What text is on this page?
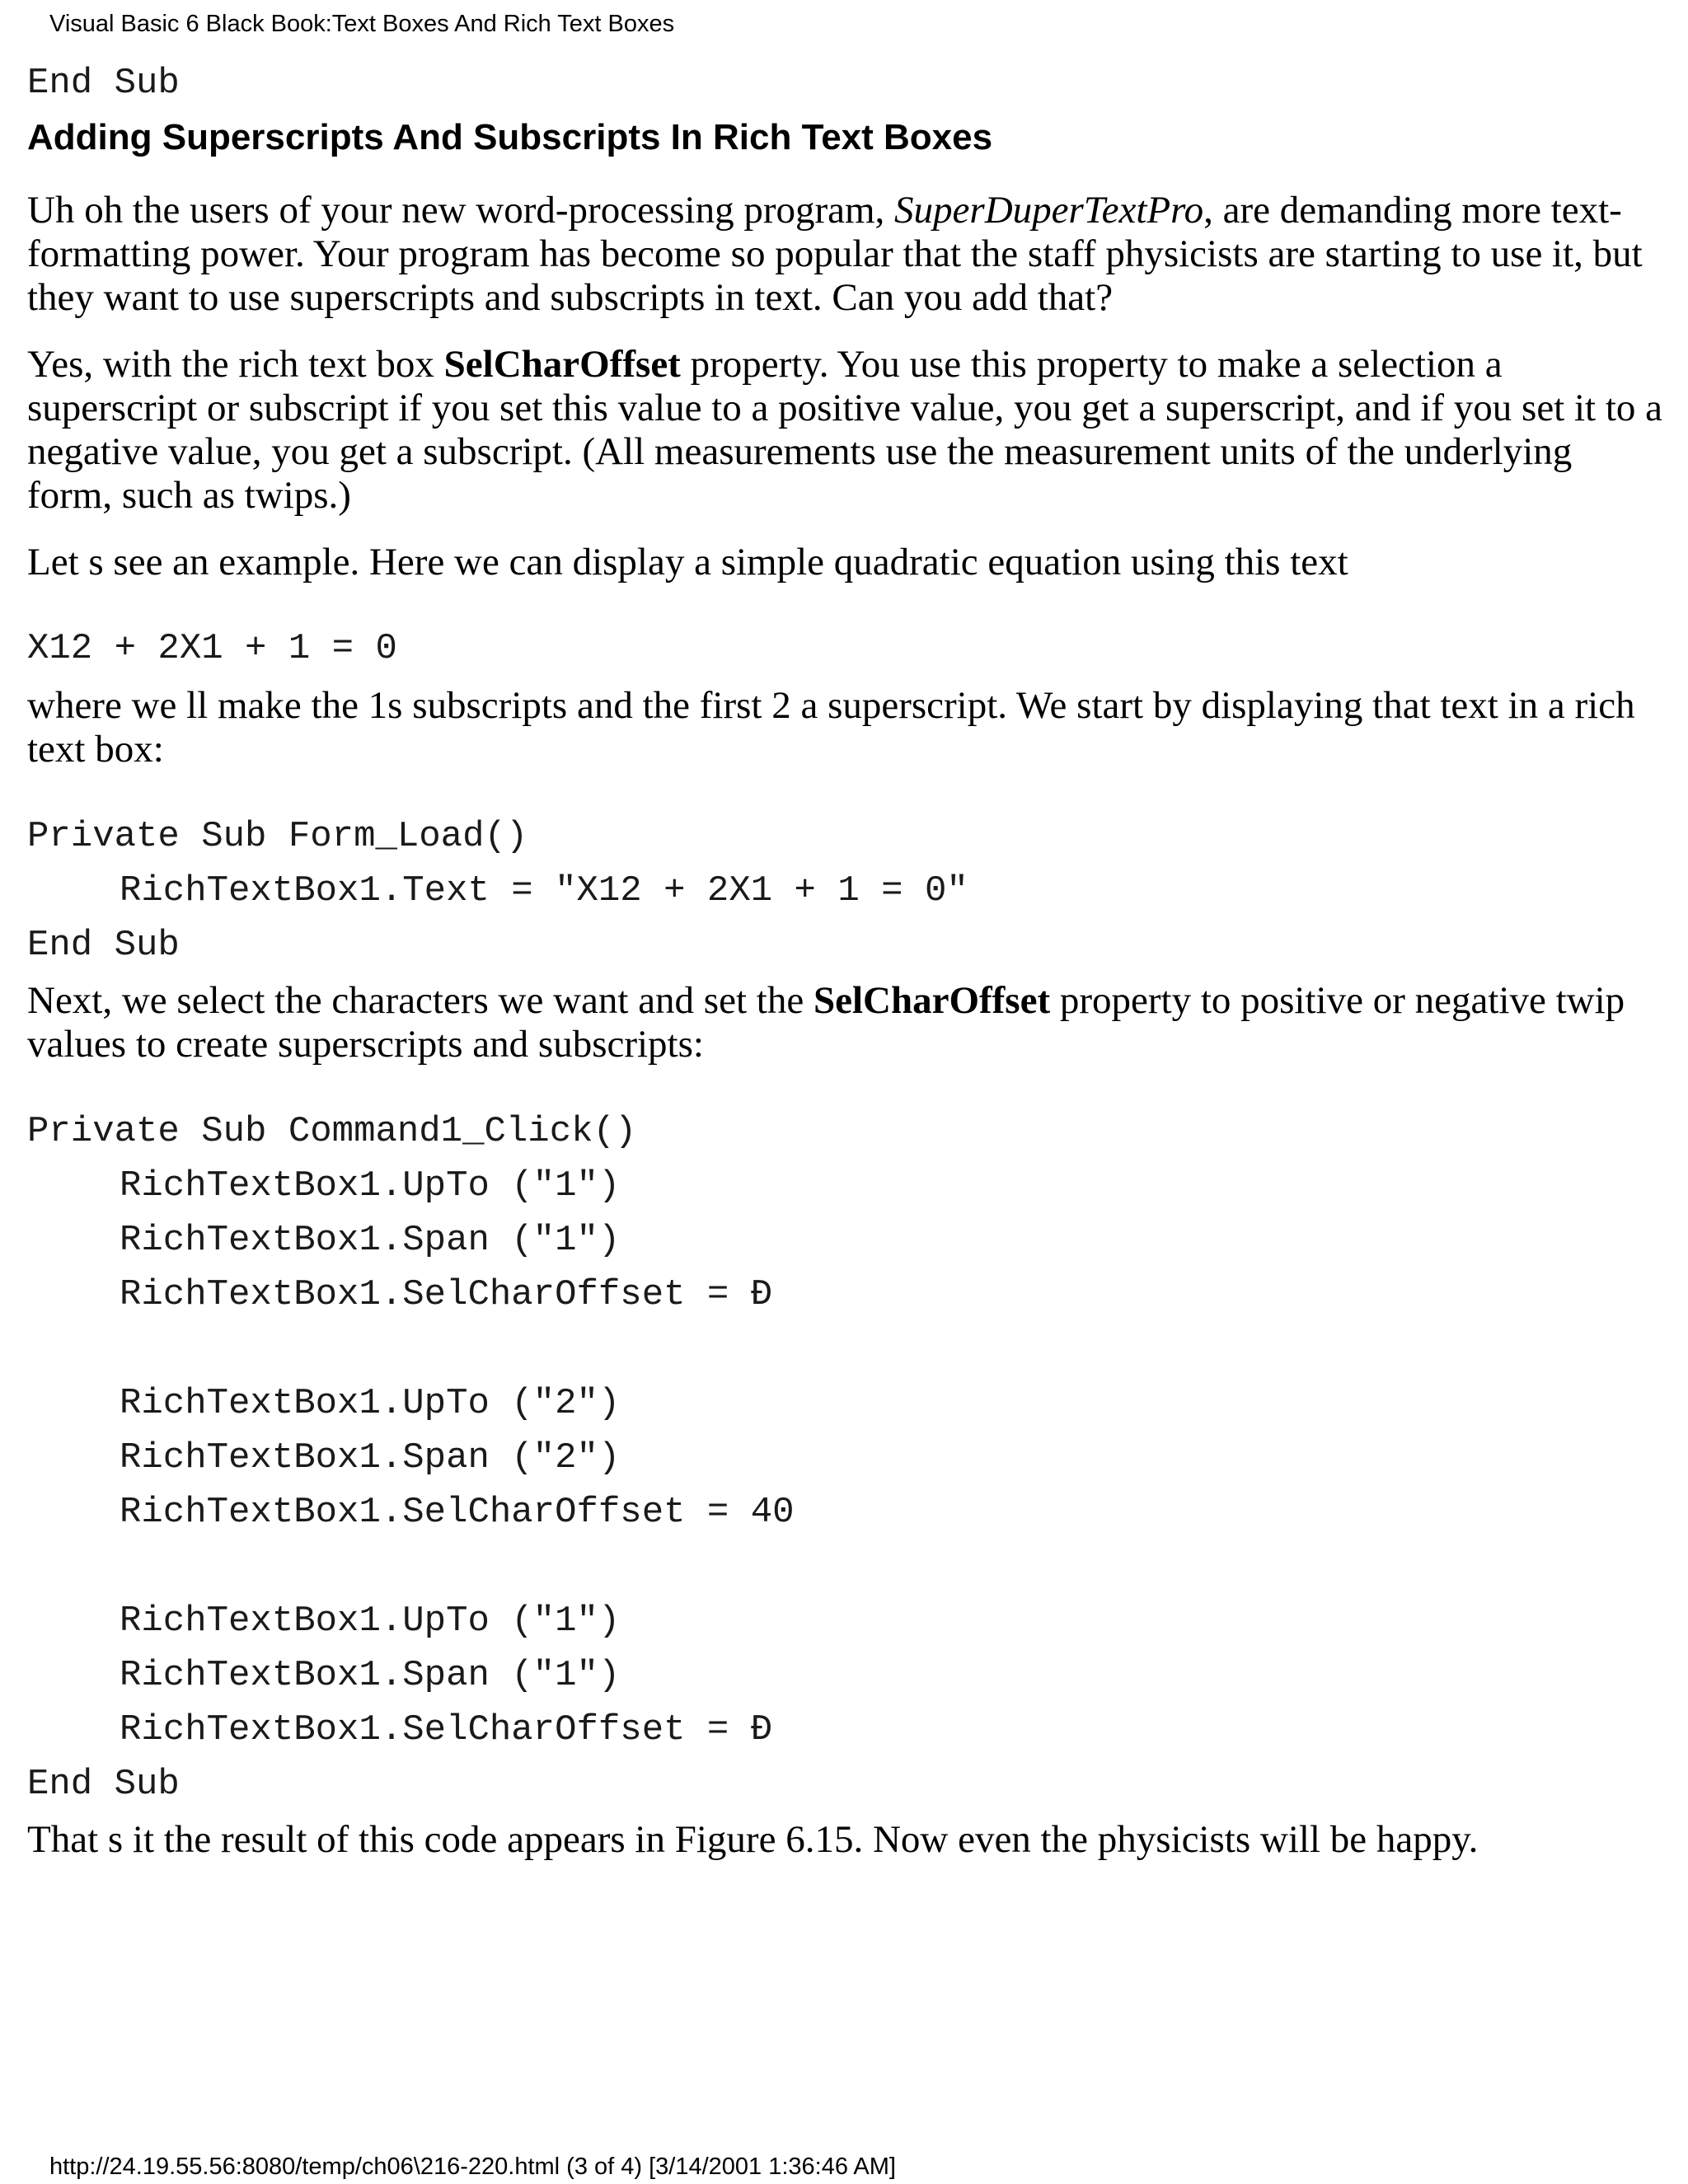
Visual Basic 6 Black Book:Text Boxes And Rich Text Boxes
End Sub
Adding Superscripts And Subscripts In Rich Text Boxes

Uh oh the users of your new word-processing program, SuperDuperTextPro, are demanding more text-formatting power. Your program has become so popular that the staff physicists are starting to use it, but they want to use superscripts and subscripts in text. Can you add that?

Yes, with the rich text box SelCharOffset property. You use this property to make a selection a superscript or subscript if you set this value to a positive value, you get a superscript, and if you set it to a negative value, you get a subscript. (All measurements use the measurement units of the underlying form, such as twips.)

Let s see an example. Here we can display a simple quadratic equation using this text

X12 + 2X1 + 1 = 0

where we ll make the 1s subscripts and the first 2 a superscript. We start by displaying that text in a rich text box:

Private Sub Form_Load()
RichTextBox1.Text = "X12 + 2X1 + 1 = 0"
End Sub

Next, we select the characters we want and set the SelCharOffset property to positive or negative twip values to create superscripts and subscripts:

Private Sub Command1_Click()
RichTextBox1.UpTo ("1")
RichTextBox1.Span ("1")
RichTextBox1.SelCharOffset = Ð
RichTextBox1.UpTo ("2")
RichTextBox1.Span ("2")
RichTextBox1.SelCharOffset = 40
RichTextBox1.UpTo ("1")
RichTextBox1.Span ("1")
RichTextBox1.SelCharOffset = Ð
End Sub

That s it the result of this code appears in Figure 6.15. Now even the physicists will be happy.

http://24.19.55.56:8080/temp/ch06\216-220.html (3 of 4) [3/14/2001 1:36:46 AM]
